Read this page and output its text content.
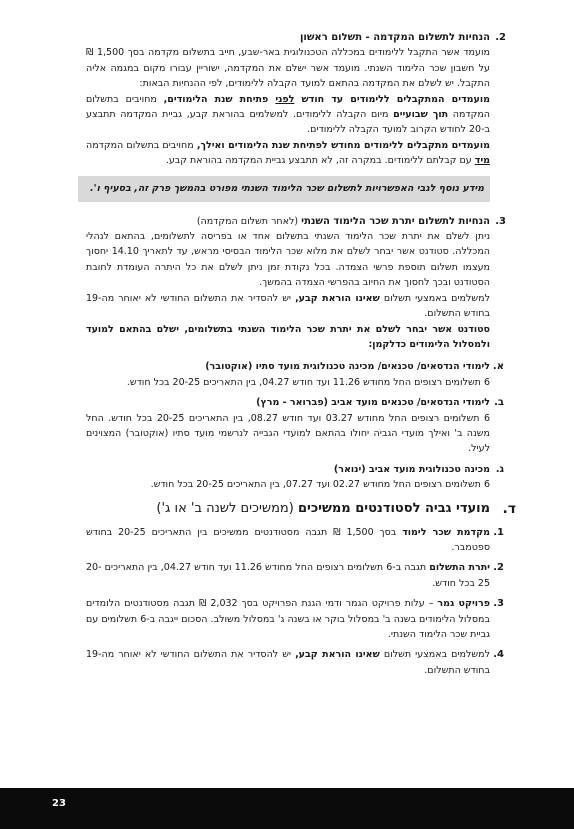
2.

הנחיות לתשלום המקדמה - תשלום ראשון

מועמד אשר התקבל ללימודים במכללה הטכנולוגית באר-שבע, חייב בתשלום מקדמה בסך 1,500 ₪ על חשבון שכר הלימוד השנתי. מועמד אשר ישלם את המקדמה, ישוריין עבורו מקום במגמה אליה התקבל. יש לשלם את המקדמה בהתאם למועד הקבלה ללימודים, לפי ההנחיות הבאות:

מועמדים המתקבלים ללימודים עד חודש לפני פתיחת שנת הלימודים, מחויבים בתשלום המקדמה תוך שבועיים מיום הקבלה ללימודים. למשלמים בהוראת קבע, גביית המקדמה תתבצע ב-20 לחודש הקרוב למועד הקבלה ללימודים.

מועמדים מתקבלים ללימודים מחודש לפתיחת שנת הלימודים ואילך, מחויבים בתשלום המקדמה מיד עם קבלתם ללימודים. במקרה זה, לא תתבצע גביית המקדמה בהוראת קבע.

מידע נוסף לגבי האפשרויות לתשלום שכר הלימוד השנתי מפורט בהמשך פרק זה, בסעיף ו'.
3.

הנחיות לתשלום יתרת שכר הלימוד השנתי (לאחר תשלום המקדמה)

ניתן לשלם את יתרת שכר הלימוד השנתי בתשלום אחד או בפריסה לתשלומים, בהתאם לנהלי המכללה. סטודנט אשר יבחר לשלם את מלוא שכר הלימוד הבסיסי מראש, עד לתאריך 14.10 יחסוך מעצמו תשלום תוספת פרשי הצמדה. בכל נקודת זמן ניתן לשלם את כל היתרה העומדת לחובת הסטודנט ובכך לחסוך את החיוב בהפרשי הצמדה בהמשך.

למשלמים באמצעי תשלום שאינו הוראת קבע, יש להסדיר את התשלום החודשי לא יאוחר מה-19 בחודש התשלום.

סטודנט אשר יבחר לשלם את יתרת שכר הלימוד השנתי בתשלומים, ישלם בהתאם למועד ולמסלול הלימודים כדלקמן:

א.

לימודי הנדסאים/ טכנאים/ מכינה טכנולוגית מועד סתיו (אוקטובר)

6 תשלומים רצופים החל מחודש 11.26 ועד חודש 04.27, בין התאריכים 20-25 בכל חודש.

ב.

לימודי הנדסאים/ טכנאים מועד אביב (פברואר - מרץ)

6 תשלומים רצופים החל מחודש 03.27 ועד חודש 08.27, בין התאריכים 20-25 בכל חודש. החל משנה ב' ואילך מועדי הגביה יחולו בהתאם למועדי הגבייה לנרשמי מועד סתיו (אוקטובר) המצוינים לעיל.

ג.

מכינה טכנולוגית מועד אביב (ינואר)

6 תשלומים רצופים החל מחודש 02.27 ועד 07.27, בין התאריכים 20-25 בכל חודש.

ד.
מועדי גביה לסטודנטים ממשיכים (ממשיכים לשנה ב' או ג')
1.

מקדמת שכר לימוד בסך 1,500 ₪ תגבה מסטודנטים ממשיכים בין התאריכים 20-25 בחודש ספטמבר.

2.

יתרת התשלום תגבה ב-6 תשלומים רצופים החל מחודש 11.26 ועד חודש 04.27, בין התאריכים 20-25 בכל חודש.

3.

פרויקט גמר – עלות פרויקט הגמר ודמי הגנת הפרויקט בסך 2,032 ₪ תגבה מסטודנטים הלומדים במסלול הלימודים בשנה ב' במסלול בוקר או בשנה ג' במסלול משולב. הסכום ייגבה ב-6 תשלומים עם גביית שכר הלימוד השנתי.

4.

למשלמים באמצעי תשלום שאינו הוראת קבע, יש להסדיר את התשלום החודשי לא יאוחר מה-19 בחודש התשלום.

23
